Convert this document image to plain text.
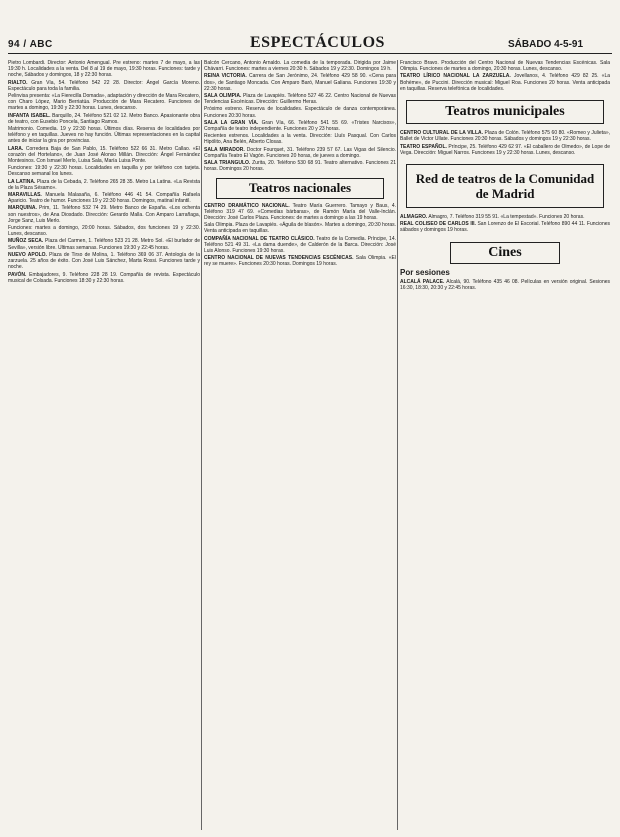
94 / ABC	ESPECTÁCULOS	SÁBADO 4-5-91

Pietro Lombardi. Director: Antonio Amengual. Pre estreno: martes 7 de mayo, a las 19:30 h. Localidades a la venta. Del 8 al 19 de mayo, 19:30 horas. Funciones: tarde y noche, Sábados y domingos, 18 y 22:30 horas.

RIALTO. Gran Vía, 54. Teléfono 542 22 28. Director: Ángel García Moreno. Espectáculo para toda la familia.

Pelinvisa presenta: «La Fierecilla Domada», adaptación y dirección de Mara Recatero, con Charo López, Mario Berriatúa. Producción de Mara Recatero. Funciones de martes a domingo, 19:30 y 22:30 horas. Lunes, descanso.

INFANTA ISABEL. Barquillo, 24. Teléfono 521 02 12. Metro Banco. Apasionante obra de teatro, con Eusebio Poncela, Santiago Ramos.

Matrimonio. Comedia. 19 y 22:30 horas. Últimos días. Reserva de localidades por teléfono y en taquillas. Jueves no hay función. Últimas representaciones en la capital antes de iniciar la gira por provincias.

LARA. Corredera Baja de San Pablo, 15. Teléfono 522 66 31. Metro Callao. «El corazón del Hortelano», de Juan José Alonso Millán. Dirección: Ángel Fernández Montesinos. Con Ismael Merlo, Luisa Sala, María Luisa Ponte.

Funciones: 19:30 y 22:30 horas. Localidades en taquilla y por teléfono con tarjeta. Descanso semanal los lunes.

LA LATINA. Plaza de la Cebada, 2. Teléfono 265 28 35. Metro La Latina. «La Revista de la Plaza Sésamo».

MARAVILLAS. Manuela Malasaña, 6. Teléfono 446 41 54. Compañía Rafaela Aparicio. Teatro de humor. Funciones 19 y 22:30 horas. Domingos, matinal infantil.

MARQUINA. Prim, 11. Teléfono 532 74 29. Metro Banco de España. «Los ochenta son nuestros», de Ana Diosdado. Dirección: Gerardo Malla. Con Amparo Larrañaga, Jorge Sanz, Luis Merlo.

Funciones: martes a domingo, 20:00 horas. Sábados, dos funciones 19 y 22:30. Lunes, descanso.

MUÑOZ SECA. Plaza del Carmen, 1. Teléfono 523 21 28. Metro Sol. «El burlador de Sevilla», versión libre. Ultimas semanas. Funciones 19:30 y 22:45 horas.

NUEVO APOLO. Plaza de Tirso de Molina, 1. Teléfono 369 06 37. Antología de la zarzuela. 25 años de éxito. Con José Luis Sánchez, Marta Rossi. Funciones tarde y noche.

PAVÓN. Embajadores, 9. Teléfono 228 28 19. Compañía de revista. Espectáculo musical de Colsada. Funciones 18:30 y 22:30 horas.

Balcón Cercano, Antonio Arnaldo. La comedia de la temporada. Dirigida por Jaime Chávarri. Funciones: martes a viernes 20:30 h. Sábados 19 y 22:30. Domingos 19 h.

REINA VICTORIA. Carrera de San Jerónimo, 24. Teléfono 429 58 90. «Cena para dos», de Santiago Moncada. Con Amparo Baró, Manuel Galiana. Funciones 19:30 y 22:30 horas.

SALA OLIMPIA. Plaza de Lavapiés. Teléfono 527 46 22. Centro Nacional de Nuevas Tendencias Escénicas. Dirección: Guillermo Heras.

Próximo estreno. Reserva de localidades. Espectáculo de danza contemporánea. Funciones 20:30 horas.

SALA LA GRAN VÍA. Gran Vía, 66. Teléfono 541 55 69. «Tristes Narcisos», Compañía de teatro independiente. Funciones 20 y 23 horas.

Recientes estrenos. Localidades a la venta. Dirección: Lluís Pasqual. Con Carlos Hipólito, Ana Belén, Alberto Closas.

SALA MIRADOR. Doctor Fourquet, 31. Teléfono 239 57 67. Las Vigas del Silencio. Compañía Teatro El Vagón. Funciones 20 horas, de jueves a domingo.

SALA TRIANGULO. Zurita, 20. Teléfono 530 68 91. Teatro alternativo. Funciones 21 horas. Domingos 20 horas.

Teatros nacionales

CENTRO DRAMÁTICO NACIONAL. Teatro María Guerrero. Tamayo y Baus, 4. Teléfono 319 47 69. «Comedias bárbaras», de Ramón María del Valle-Inclán. Dirección: José Carlos Plaza. Funciones: de martes a domingo a las 19 horas.

Sala Olimpia. Plaza de Lavapiés. «Águila de blasón». Martes a domingo, 20:30 horas. Venta anticipada en taquillas.

COMPAÑÍA NACIONAL DE TEATRO CLÁSICO. Teatro de la Comedia. Príncipe, 14. Teléfono 521 49 31. «La dama duende», de Calderón de la Barca. Dirección: José Luis Alonso. Funciones 19:30 horas.

CENTRO NACIONAL DE NUEVAS TENDENCIAS ESCÉNICAS. Sala Olimpia. «El rey se muere». Funciones 20:30 horas. Domingos 19 horas.

Francisco Bravo. Producción del Centro Nacional de Nuevas Tendencias Escénicas. Sala Olimpia. Funciones de martes a domingo, 20:30 horas. Lunes, descanso.

TEATRO LÍRICO NACIONAL LA ZARZUELA. Jovellanos, 4. Teléfono 429 82 25. «La Bohème», de Puccini. Dirección musical: Miguel Roa. Funciones 20 horas. Venta anticipada en taquillas. Reserva telefónica de localidades.

Teatros municipales

CENTRO CULTURAL DE LA VILLA. Plaza de Colón. Teléfono 575 60 80. «Romeo y Julieta», Ballet de Victor Ullate. Funciones 20:30 horas. Sábados y domingos 19 y 22:30 horas.

TEATRO ESPAÑOL. Príncipe, 25. Teléfono 429 62 97. «El caballero de Olmedo», de Lope de Vega. Dirección: Miguel Narros. Funciones 19 y 22:30 horas. Lunes, descanso.

Red de teatros de la Comunidad de Madrid

ALMAGRO. Almagro, 7. Teléfono 319 55 91. «La tempestad». Funciones 20 horas.

REAL COLISEO DE CARLOS III. San Lorenzo de El Escorial. Teléfono 890 44 11. Funciones sábados y domingos 19 horas.

Cines
Por sesiones

ALCALÁ PALACE. Alcalá, 90. Teléfono 435 46 08. Películas en versión original. Sesiones 16:30, 18:30, 20:30 y 22:45 horas.
